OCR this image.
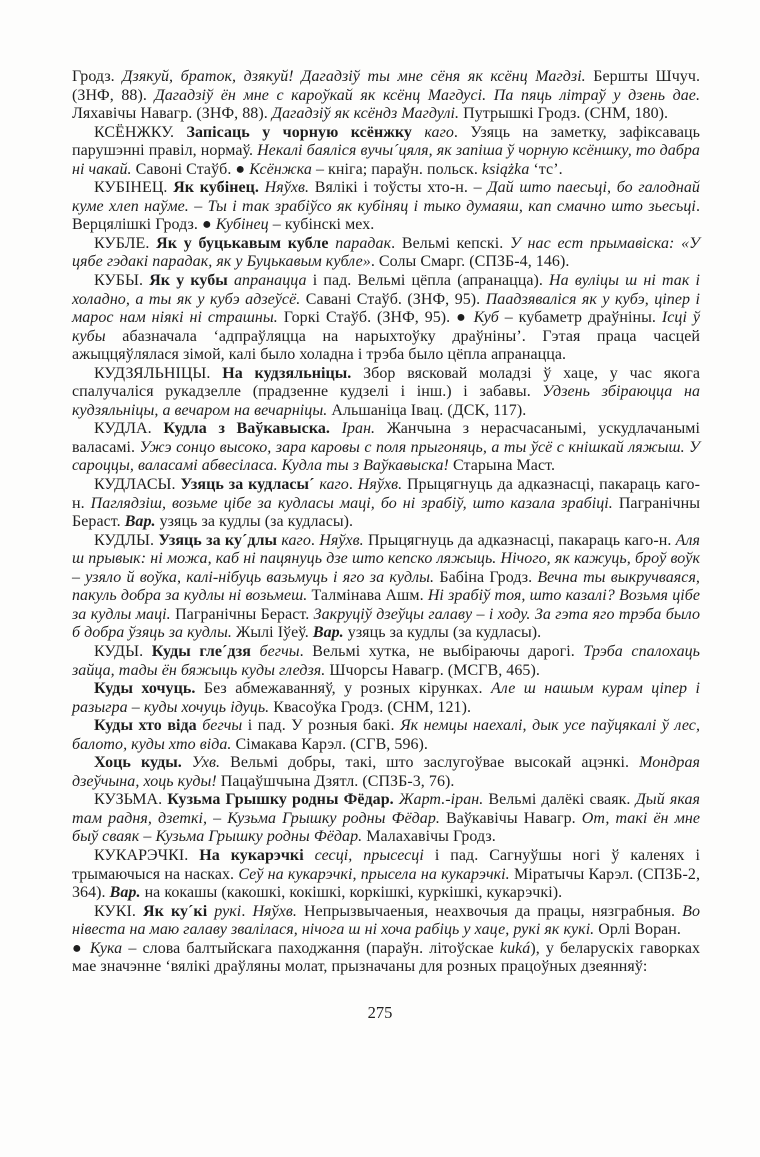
Гродз. Дзякуй, браток, дзякуй! Дагадзіў ты мне сёня як ксёнц Магдзі. Бершты Шчуч. (ЗНФ, 88). Дагадзіў ён мне с кароўкай як ксёнц Магдусі. Па пяць літраў у дзень дае. Ляхавічы Навагр. (ЗНФ, 88). Дагадзіў як ксёндз Магдулі. Путрышкі Гродз. (СНМ, 180).

КСЁНЖКУ. Запісаць у чорную ксёнжку каго. Узяць на заметку, зафіксаваць парушэнні правіл, нормаў. Некалі баяліся вучы´цяля, як запіша ў чорную ксёншку, то дабра ні чакай. Савоні Стаўб. ● Ксёнжка – кніга; параўн. польск. książka ‘тс’.

КУБІНЕЦ. Як кубінец. Няўхв. Вялікі і тоўсты хто-н. – Дай што паесьці, бо галоднай куме хлеп наўме. – Ты і так зрабіўсо як кубіняц і тыко думаяш, кап смачно што зьесьці. Верцялішкі Гродз. ● Кубінец – кубінскі мех.

КУБЛЕ. Як у буцькавым кубле парадак. Вельмі кепскі. У нас ест прымавіска: «У цябе гэдакі парадак, як у Буцькавым кубле». Солы Смарг. (СПЗБ-4, 146).

КУБЫ. Як у кубы апранацца і пад. Вельмі цёпла (апранацца). На вуліцы ш ні так і холадно, а ты як у кубэ адзеўсё. Савані Стаўб. (ЗНФ, 95). Паадзяваліся як у кубэ, ціпер і марос нам ніякі ні страшны. Горкі Стаўб. (ЗНФ, 95). ● Куб – кубаметр драўніны. Ісці ў кубы абазначала ‘адпраўляцца на нарыхтоўку драўніны’. Гэтая праца часцей ажыццяўлялася зімой, калі было холадна і трэба было цёпла апранацца.

КУДЗЯЛЬНІЦЫ. На кудзяльніцы. Збор вясковай моладзі ў хаце, у час якога спалучаліся рукадзелле (прадзенне кудзелі і інш.) і забавы. Удзень збіраюцца на кудзяльніцы, а вечаром на вечарніцы. Альшаніца Івац. (ДСК, 117).

КУДЛА. Кудла з Ваўкавыска. Іран. Жанчына з нерасчасанымі, ускудлачанымі валасамі. Ужэ сонцо высоко, зара каровы с поля прыгоняць, а ты ўсё с кнішкай ляжыш. У сароццы, валасамі абвесіласа. Кудла ты з Ваўкавыска! Старына Маст.

КУДЛАСЫ. Узяць за кудласы´ каго. Няўхв. Прыцягнуць да адказнасці, пакараць каго-н. Паглядзіш, возьме цібе за кудласы маці, бо ні зрабіў, што казала зрабіці. Пагранічны Бераст. Вар. узяць за кудлы (за кудласы).

КУДЛЫ. Узяць за ку´длы каго. Няўхв. Прыцягнуць да адказнасці, пакараць каго-н. Аля ш прывык: ні можа, каб ні пацянуць дзе што кепско ляжыць. Нічого, як кажуць, броў воўк – узяло й воўка, калі-нібуць вазьмуць і яго за кудлы. Бабіна Гродз. Вечна ты выкручваяся, пакуль добра за кудлы ні возьмеш. Талмінава Ашм. Ні зрабіў тоя, што казалі? Возьмя цібе за кудлы маці. Пагранічны Бераст. Закруціў дзеўцы галаву – і ходу. За гэта яго трэба было б добра ўзяць за кудлы. Жылі Іўеў. Вар. узяць за кудлы (за кудласы).

КУДЫ. Куды гле´дзя бегчы. Вельмі хутка, не выбіраючы дарогі. Трэба спалохаць зайца, тады ён бяжыць куды гледзя. Шчорсы Навагр. (МСГВ, 465).

Куды хочуць. Без абмежаванняў, у розных кірунках. Але ш нашым курам ціпер і разыгра – куды хочуць ідуць. Квасоўка Гродз. (СНМ, 121).

Куды хто віда бегчы і пад. У розныя бакі. Як немцы наехалі, дык усе паўцякалі ў лес, балото, куды хто віда. Сімакава Карэл. (СГВ, 596).

Хоць куды. Ухв. Вельмі добры, такі, што заслугоўвае высокай ацэнкі. Мондрая дзеўчына, хоць куды! Пацаўшчына Дзятл. (СПЗБ-3, 76).

КУЗЬМА. Кузьма Грышку родны Фёдар. Жарт.-іран. Вельмі далёкі сваяк. Дый якая там радня, дзеткі, – Кузьма Грышку родны Фёдар. Ваўкавічы Навагр. От, такі ён мне быў сваяк – Кузьма Грышку родны Фёдар. Малахавічы Гродз.

КУКАРЭЧКІ. На кукарэчкі сесці, прысесці і пад. Сагнуўшы ногі ў каленях і трымаючыся на насках. Сеў на кукарэчкі, прысела на кукарэчкі. Міратычы Карэл. (СПЗБ-2, 364). Вар. на кокашы (какошкі, кокішкі, коркішкі, куркішкі, кукарэчкі).

КУКІ. Як ку´кі рукі. Няўхв. Непрызвычаеныя, неахвочыя да працы, нязграбныя. Во нівеста на маю галаву звалілася, нічога ш ні хоча рабіць у хаце, рукі як кукі. Орлі Воран.

● Кука – слова балтыйскага паходжання (параўн. літоўскае kuká), у беларускіх гаворках мае значэнне ‘вялікі драўляны молат, прызначаны для розных працоўных дзеянняў:

275
